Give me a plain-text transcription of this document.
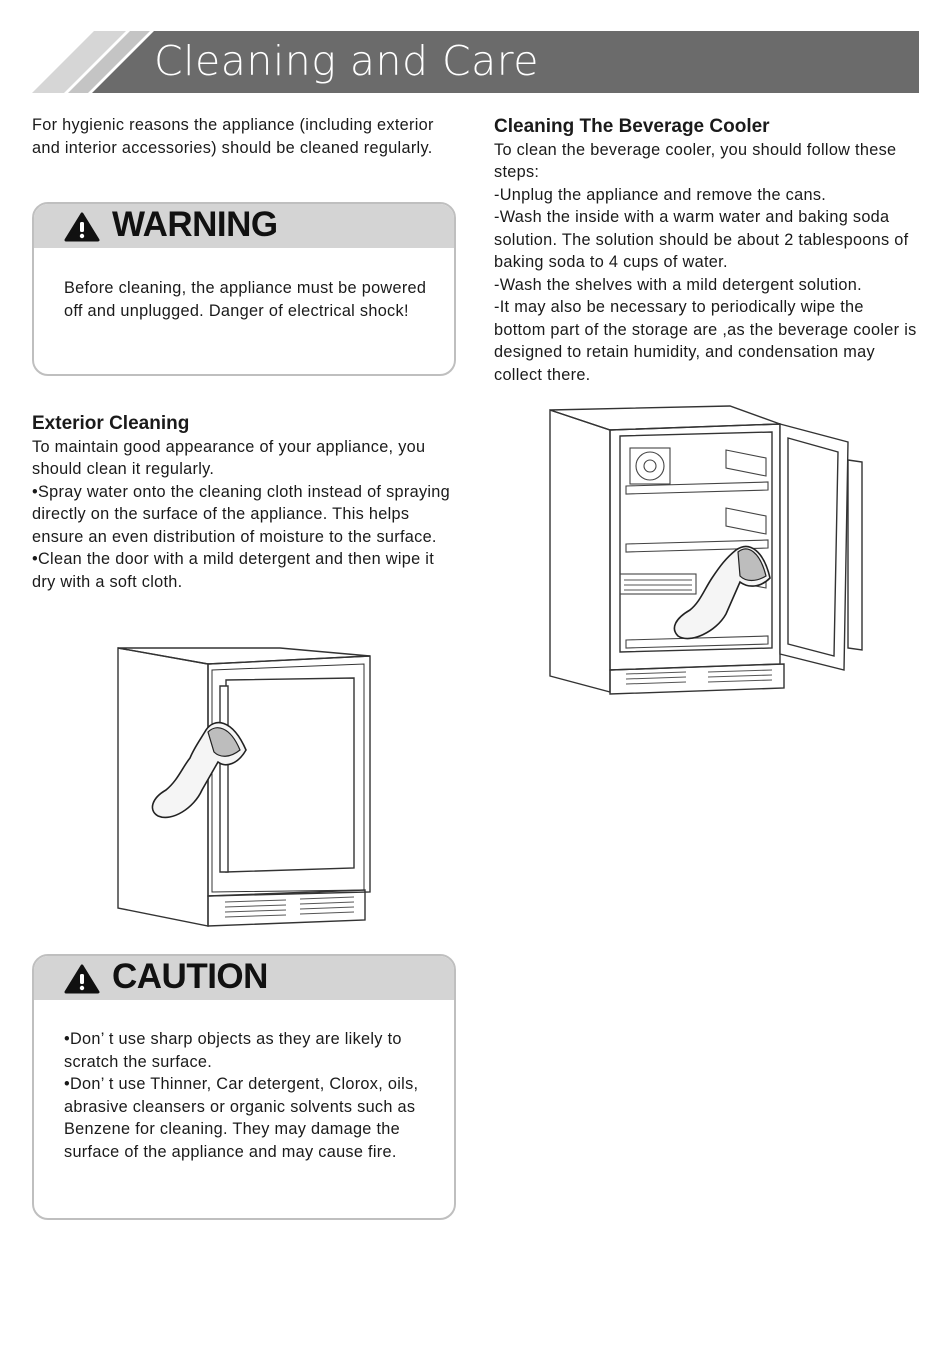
Cleaning and Care
For hygienic reasons the appliance (including exterior and interior accessories) should be cleaned regularly.
WARNING
Before cleaning, the appliance must be powered off and unplugged. Danger of electrical shock!
Exterior Cleaning
To maintain good appearance of your appliance, you should clean it regularly.
•Spray water onto the cleaning cloth instead of spraying directly on the surface of the appliance. This helps ensure an even distribution of moisture to the surface.
•Clean the door with a mild detergent and then wipe it dry with a soft cloth.
CAUTION
•Don’ t use sharp objects as they are likely to scratch the surface.
•Don’ t use Thinner, Car detergent, Clorox, oils, abrasive cleansers or organic solvents such as Benzene for cleaning. They may damage the surface of the appliance and may cause fire.
Cleaning The Beverage Cooler
To clean the beverage cooler, you should follow these steps:
-Unplug the appliance and remove the cans.
-Wash the inside with a warm water and baking soda solution. The solution should be about 2 tablespoons of baking soda to 4 cups of water.
-Wash the shelves with a mild detergent solution.
-It may also be necessary to periodically wipe the bottom part of the storage are ,as the beverage cooler is designed to retain humidity, and condensation may collect there.
